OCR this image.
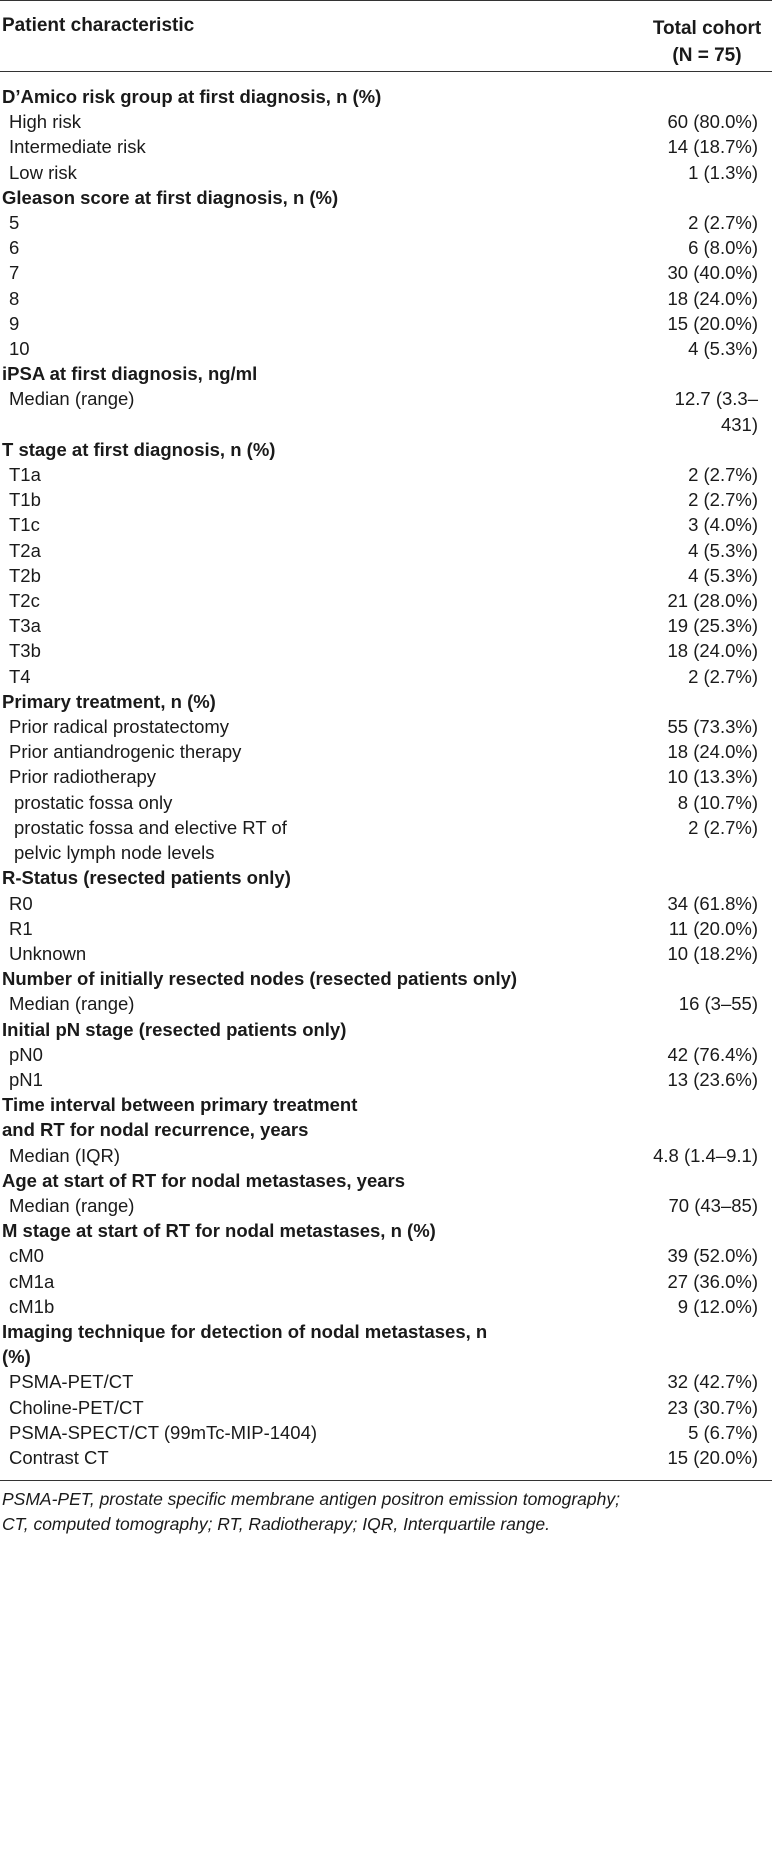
Patient characteristic	Total cohort
(N = 75)
D’Amico risk group at first diagnosis, n (%)
High risk	60 (80.0%)
Intermediate risk	14 (18.7%)
Low risk	1 (1.3%)
Gleason score at first diagnosis, n (%)
5	2 (2.7%)
6	6 (8.0%)
7	30 (40.0%)
8	18 (24.0%)
9	15 (20.0%)
10	4 (5.3%)
iPSA at first diagnosis, ng/ml
Median (range)	12.7 (3.3–
431)
T stage at first diagnosis, n (%)
T1a	2 (2.7%)
T1b	2 (2.7%)
T1c	3 (4.0%)
T2a	4 (5.3%)
T2b	4 (5.3%)
T2c	21 (28.0%)
T3a	19 (25.3%)
T3b	18 (24.0%)
T4	2 (2.7%)
Primary treatment, n (%)
Prior radical prostatectomy	55 (73.3%)
Prior antiandrogenic therapy	18 (24.0%)
Prior radiotherapy	10 (13.3%)
prostatic fossa only	8 (10.7%)
prostatic fossa and elective RT of	2 (2.7%)
pelvic lymph node levels
R-Status (resected patients only)
R0	34 (61.8%)
R1	11 (20.0%)
Unknown	10 (18.2%)
Number of initially resected nodes (resected patients only)
Median (range)	16 (3–55)
Initial pN stage (resected patients only)
pN0	42 (76.4%)
pN1	13 (23.6%)
Time interval between primary treatment
and RT for nodal recurrence, years
Median (IQR)	4.8 (1.4–9.1)
Age at start of RT for nodal metastases, years
Median (range)	70 (43–85)
M stage at start of RT for nodal metastases, n (%)
cM0	39 (52.0%)
cM1a	27 (36.0%)
cM1b	9 (12.0%)
Imaging technique for detection of nodal metastases, n
(%)
PSMA-PET/CT	32 (42.7%)
Choline-PET/CT	23 (30.7%)
PSMA-SPECT/CT (99mTc-MIP-1404)	5 (6.7%)
Contrast CT	15 (20.0%)
PSMA-PET, prostate specific membrane antigen positron emission tomography;
CT, computed tomography; RT, Radiotherapy; IQR, Interquartile range.
